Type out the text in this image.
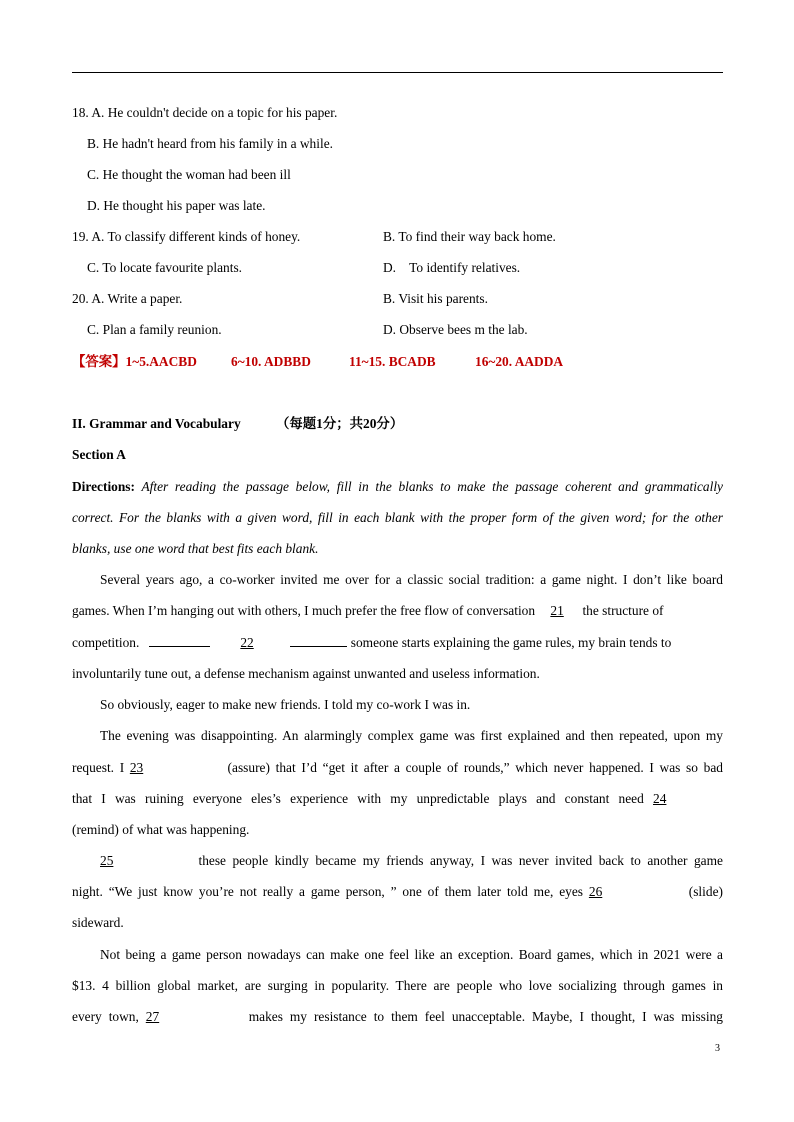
18. A. He couldn't decide on a topic for his paper.
B. He hadn't heard from his family in a while.
C. He thought the woman had been ill
D. He thought his paper was late.
19. A. To classify different kinds of honey.	B. To find their way back home.
C. To locate favourite plants.	D.    To identify relatives.
20. A. Write a paper.	B. Visit his parents.
C. Plan a family reunion.	D. Observe bees m the lab.
【答案】1~5.AACBD	6~10. ADBBD	11~15. BCADB	16~20. AADDA
II. Grammar and Vocabulary	（每题1分；共20分）
Section A
Directions: After reading the passage below, fill in the blanks to make the passage coherent and grammatically
correct. For the blanks with a given word, fill in each blank with the proper form of the given word; for the other
blanks, use one word that best fits each blank.
Several years ago, a co-worker invited me over for a classic social tradition: a game night. I don’t like board
games. When I’m hanging out with others, I much prefer the free flow of conversation 21 the structure of
competition.	22	someone starts explaining the game rules, my brain tends to
involuntarily tune out, a defense mechanism against unwanted and useless information.
So obviously, eager to make new friends. I told my co-work I was in.
The evening was disappointing. An alarmingly complex game was first explained and then repeated, upon my
request. I 23	(assure) that I’d “get it after a couple of rounds,” which never happened. I was so bad
that I was ruining everyone eles’s experience with my unpredictable plays and constant need 24
(remind) of what was happening.
25	these people kindly became my friends anyway, I was never invited back to another game
night. “We just know you’re not really a game person, ” one of them later told me, eyes 26	(slide)
sideward.
Not being a game person nowadays can make one feel like an exception. Board games, which in 2021 were a
$13. 4 billion global market, are surging in popularity. There are people who love socializing through games in
every town, 27	makes my resistance to them feel unacceptable. Maybe, I thought, I was missing
3
